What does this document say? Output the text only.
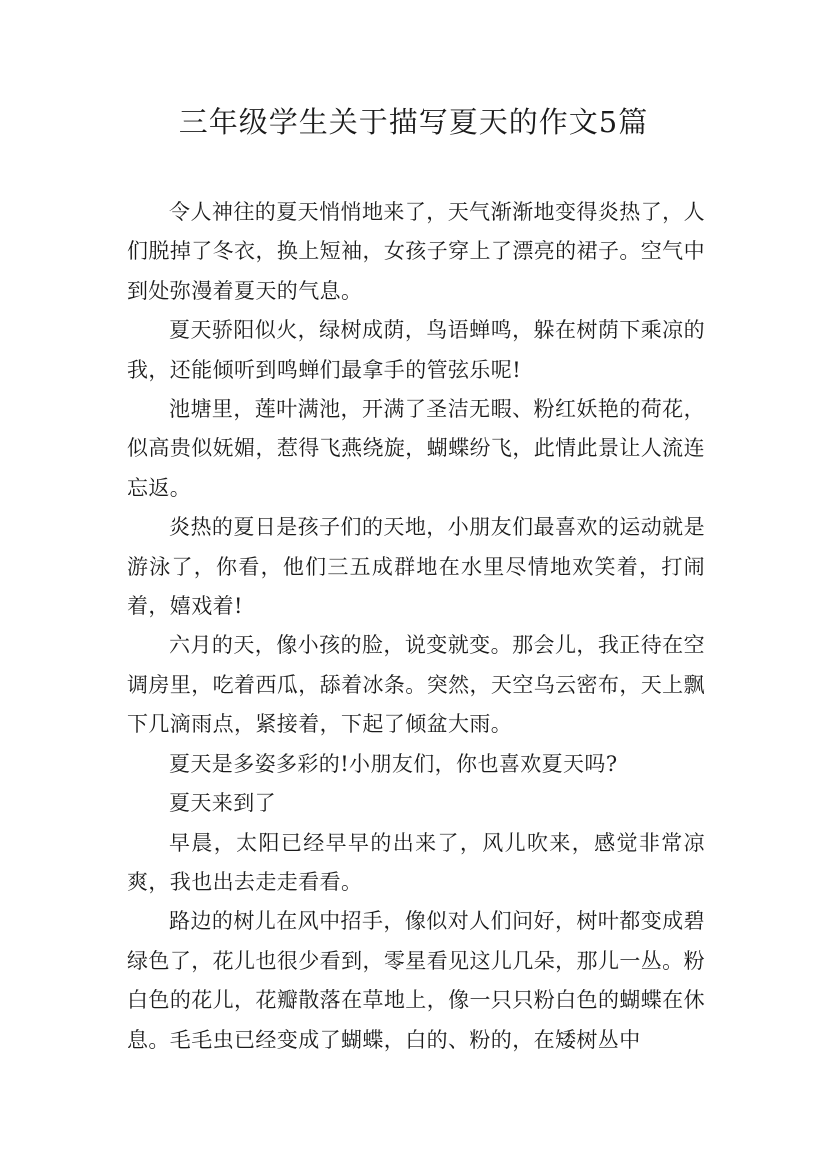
三年级学生关于描写夏天的作文5篇

令人神往的夏天悄悄地来了，天气渐渐地变得炎热了，人们脱掉了冬衣，换上短袖，女孩子穿上了漂亮的裙子。空气中到处弥漫着夏天的气息。

夏天骄阳似火，绿树成荫，鸟语蝉鸣，躲在树荫下乘凉的我，还能倾听到鸣蝉们最拿手的管弦乐呢!

池塘里，莲叶满池，开满了圣洁无暇、粉红妖艳的荷花，似高贵似妩媚，惹得飞燕绕旋，蝴蝶纷飞，此情此景让人流连忘返。

炎热的夏日是孩子们的天地，小朋友们最喜欢的运动就是游泳了，你看，他们三五成群地在水里尽情地欢笑着，打闹着，嬉戏着!

六月的天，像小孩的脸，说变就变。那会儿，我正待在空调房里，吃着西瓜，舔着冰条。突然，天空乌云密布，天上飘下几滴雨点，紧接着，下起了倾盆大雨。

夏天是多姿多彩的!小朋友们，你也喜欢夏天吗?

夏天来到了

早晨，太阳已经早早的出来了，风儿吹来，感觉非常凉爽，我也出去走走看看。

路边的树儿在风中招手，像似对人们问好，树叶都变成碧绿色了，花儿也很少看到，零星看见这儿几朵，那儿一丛。粉白色的花儿，花瓣散落在草地上，像一只只粉白色的蝴蝶在休息。毛毛虫已经变成了蝴蝶，白的、粉的，在矮树丛中
